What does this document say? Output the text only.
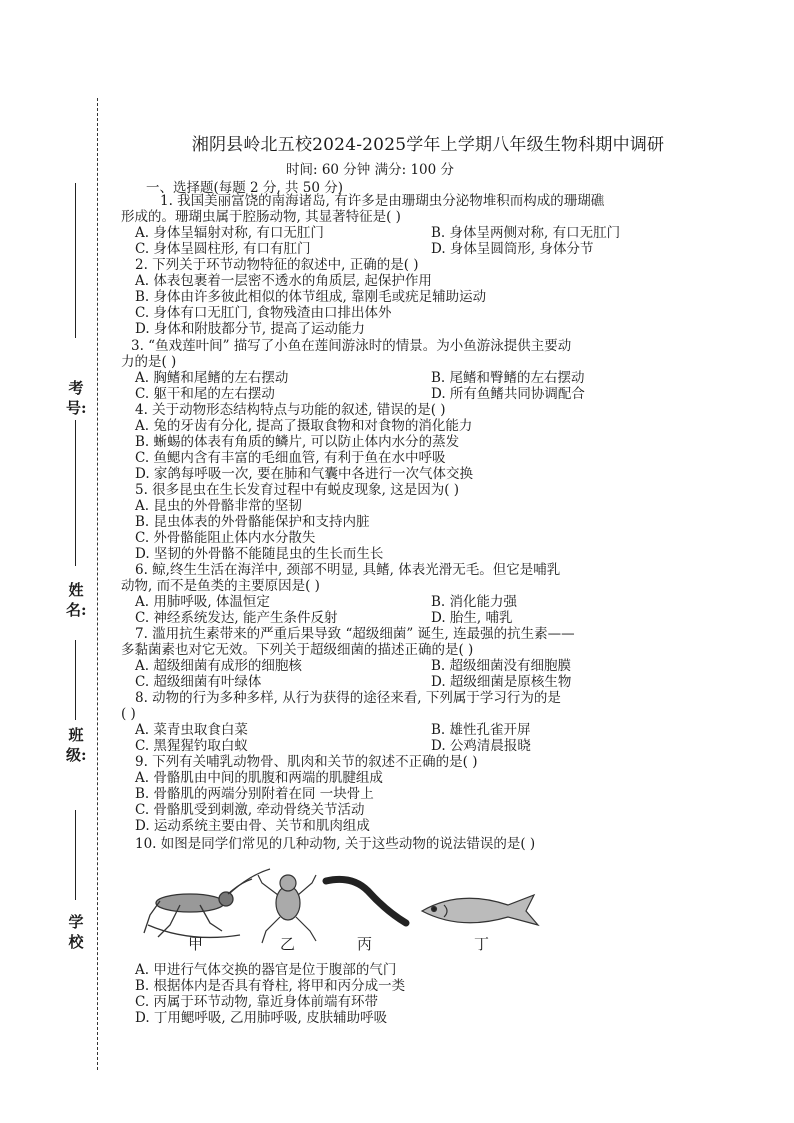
考号:
姓名:
班级:
学校
湘阴县岭北五校2024-2025学年上学期八年级生物科期中调研
时间: 60 分钟 满分: 100 分
一、选择题(每题 2 分, 共 50 分)
1. 我国美丽富饶的南海诸岛, 有许多是由珊瑚虫分泌物堆积而构成的珊瑚礁
形成的。珊瑚虫属于腔肠动物, 其显著特征是( )
A. 身体呈辐射对称, 有口无肛门	B. 身体呈两侧对称, 有口无肛门
C. 身体呈圆柱形, 有口有肛门	D. 身体呈圆筒形, 身体分节
2. 下列关于环节动物特征的叙述中, 正确的是( )
A. 体表包裹着一层密不透水的角质层, 起保护作用
B. 身体由许多彼此相似的体节组成, 靠刚毛或疣足辅助运动
C. 身体有口无肛门, 食物残渣由口排出体外
D. 身体和附肢都分节, 提高了运动能力
3. “鱼戏莲叶间” 描写了小鱼在莲间游泳时的情景。为小鱼游泳提供主要动
力的是( )
A. 胸鳍和尾鳍的左右摆动	B. 尾鳍和臀鳍的左右摆动
C. 躯干和尾的左右摆动	D. 所有鱼鳍共同协调配合
4. 关于动物形态结构特点与功能的叙述, 错误的是( )
A. 兔的牙齿有分化, 提高了摄取食物和对食物的消化能力
B. 蜥蜴的体表有角质的鳞片, 可以防止体内水分的蒸发
C. 鱼鳃内含有丰富的毛细血管, 有利于鱼在水中呼吸
D. 家鸽每呼吸一次, 要在肺和气囊中各进行一次气体交换
5. 很多昆虫在生长发育过程中有蜕皮现象, 这是因为( )
A. 昆虫的外骨骼非常的坚韧
B. 昆虫体表的外骨骼能保护和支持内脏
C. 外骨骼能阻止体内水分散失
D. 坚韧的外骨骼不能随昆虫的生长而生长
6. 鲸,终生生活在海洋中, 颈部不明显, 具鳍, 体表光滑无毛。但它是哺乳
动物, 而不是鱼类的主要原因是( )
A. 用肺呼吸, 体温恒定	B. 消化能力强
C. 神经系统发达, 能产生条件反射	D. 胎生, 哺乳
7. 滥用抗生素带来的严重后果导致 “超级细菌” 诞生, 连最强的抗生素——
多黏菌素也对它无效。下列关于超级细菌的描述正确的是( )
A. 超级细菌有成形的细胞核	B. 超级细菌没有细胞膜
C. 超级细菌有叶绿体	D. 超级细菌是原核生物
8. 动物的行为多种多样, 从行为获得的途径来看, 下列属于学习行为的是
( )
A. 菜青虫取食白菜	B. 雄性孔雀开屏
C. 黑猩猩钓取白蚁	D. 公鸡清晨报晓
9. 下列有关哺乳动物骨、肌肉和关节的叙述不正确的是( )
A. 骨骼肌由中间的肌腹和两端的肌腱组成
B. 骨骼肌的两端分别附着在同 一块骨上
C. 骨骼肌受到刺激, 牵动骨绕关节活动
D. 运动系统主要由骨、关节和肌肉组成
10. 如图是同学们常见的几种动物, 关于这些动物的说法错误的是( )
甲	乙	丙	丁
A. 甲进行气体交换的器官是位于腹部的气门
B. 根据体内是否具有脊柱, 将甲和丙分成一类
C. 丙属于环节动物, 靠近身体前端有环带
D. 丁用鳃呼吸, 乙用肺呼吸, 皮肤辅助呼吸
